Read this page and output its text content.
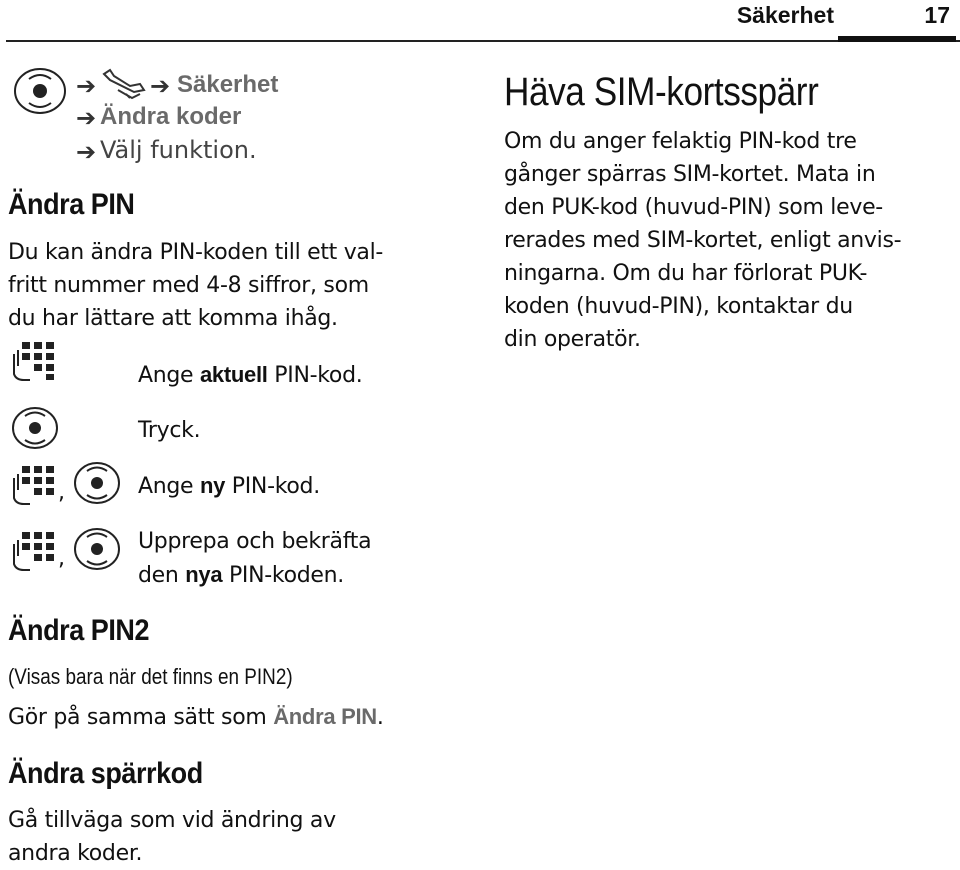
Säkerhet	17
➔ ➔ Säkerhet
➔ Ändra koder
➔ Välj funktion.
Ändra PIN
Du kan ändra PIN-koden till ett val-
fritt nummer med 4-8 siffror, som
du har lättare att komma ihåg.
Ange aktuell PIN-kod.
Tryck.
,	Ange ny PIN-kod.
,
Upprepa och bekräfta
den nya PIN-koden.
Ändra PIN2
(Visas bara när det finns en PIN2)
Gör på samma sätt som Ändra PIN.
Ändra spärrkod
Gå tillväga som vid ändring av
andra koder.
Häva SIM-kortsspärr
Om du anger felaktig PIN-kod tre
gånger spärras SIM-kortet. Mata in
den PUK-kod (huvud-PIN) som leve-
rerades med SIM-kortet, enligt anvis-
ningarna. Om du har förlorat PUK-
koden (huvud-PIN), kontaktar du
din operatör.
